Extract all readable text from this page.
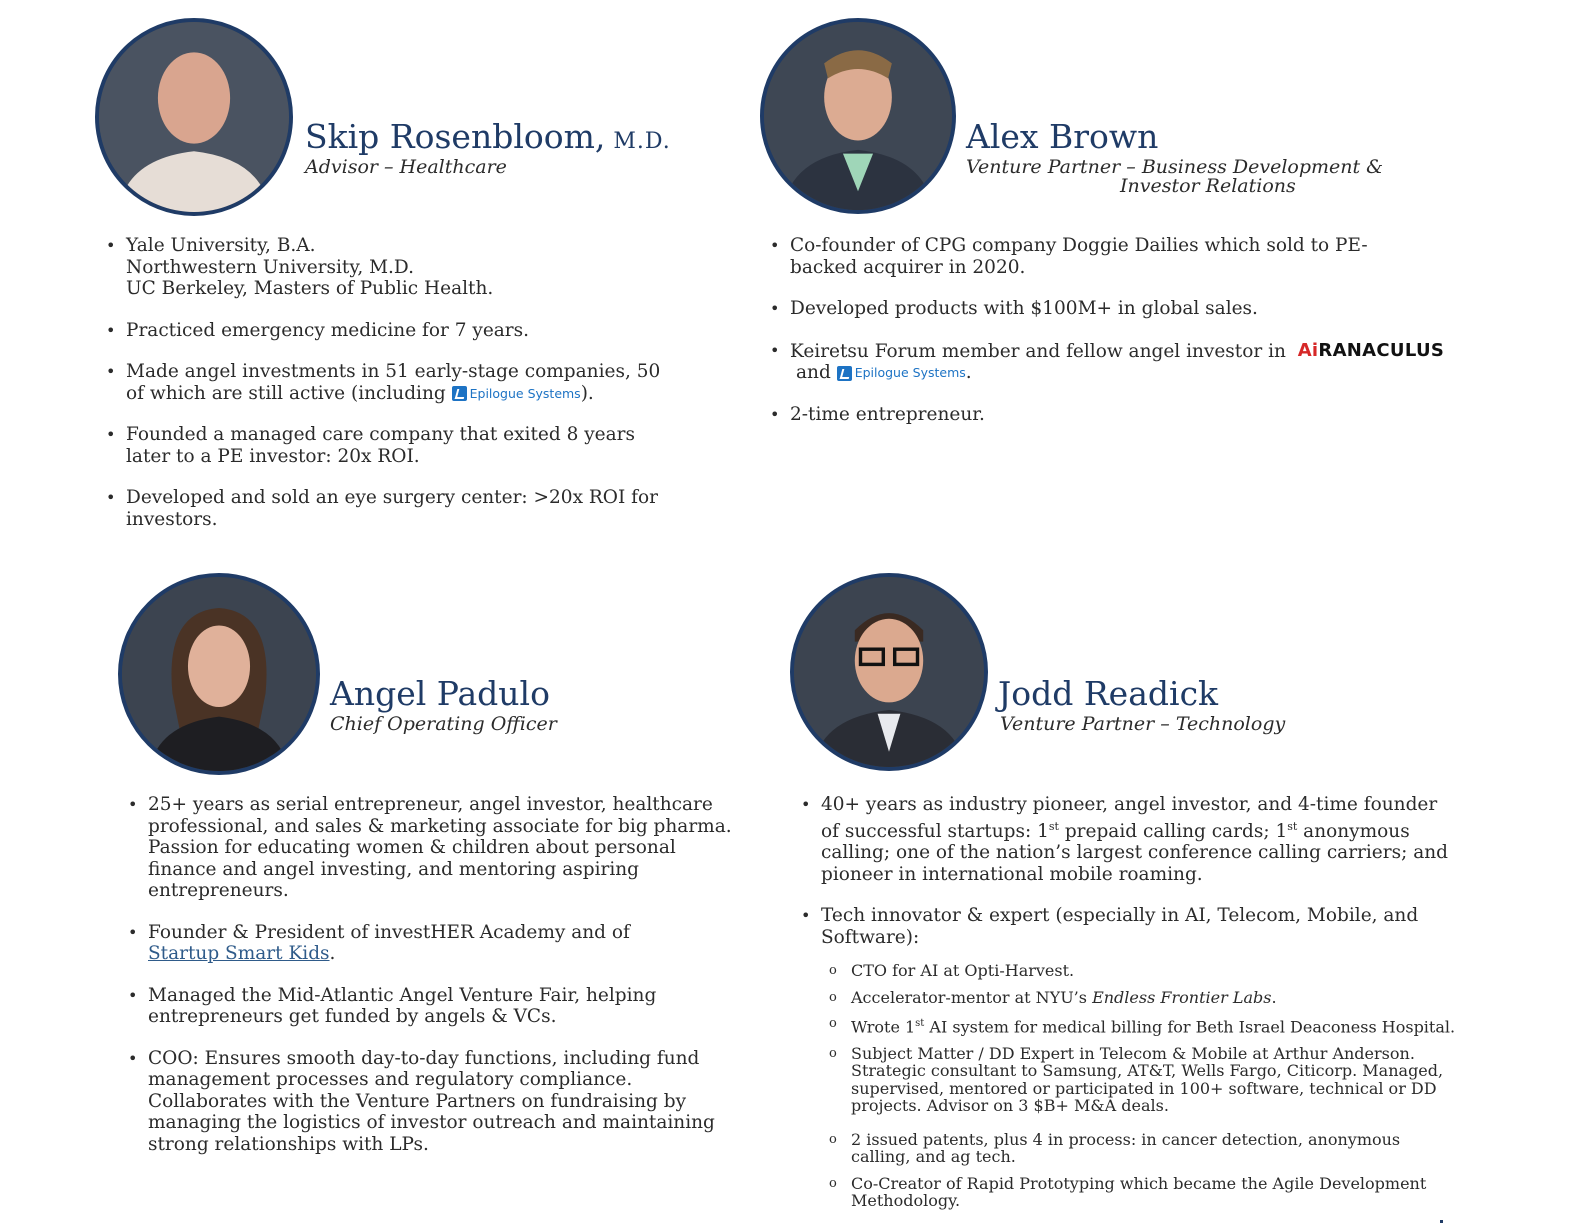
Skip Rosenbloom, M.D.

Advisor – Healthcare

• Yale University, B.A.
Northwestern University, M.D.
UC Berkeley, Masters of Public Health.
• Practiced emergency medicine for 7 years.
• Made angel investments in 51 early-stage companies, 50
of which are still active (including Epilogue Systems ).
• Founded a managed care company that exited 8 years
later to a PE investor: 20x ROI.
• Developed and sold an eye surgery center: >20x ROI for
investors.
Alex Brown

Venture Partner – Business Development &
Investor Relations

• Co-founder of CPG company Doggie Dailies which sold to PE-
backed acquirer in 2020.
• Developed products with $100M+ in global sales.
• Keiretsu Forum member and fellow angel investor in AiRANACULUS
and Epilogue Systems .
• 2-time entrepreneur.
Angel Padulo

Chief Operating Officer

• 25+ years as serial entrepreneur, angel investor, healthcare
professional, and sales & marketing associate for big pharma.
Passion for educating women & children about personal
finance and angel investing, and mentoring aspiring
entrepreneurs.
• Founder & President of investHER Academy and of
Startup Smart Kids.
• Managed the Mid-Atlantic Angel Venture Fair, helping
entrepreneurs get funded by angels & VCs.
• COO: Ensures smooth day-to-day functions, including fund
management processes and regulatory compliance.
Collaborates with the Venture Partners on fundraising by
managing the logistics of investor outreach and maintaining
strong relationships with LPs.
Jodd Readick

Venture Partner – Technology

• 40+ years as industry pioneer, angel investor, and 4-time founder
of successful startups: 1st prepaid calling cards; 1st anonymous
calling; one of the nation’s largest conference calling carriers; and
pioneer in international mobile roaming.
• Tech innovator & expert (especially in AI, Telecom, Mobile, and
Software):
o CTO for AI at Opti-Harvest.
o Accelerator-mentor at NYU’s Endless Frontier Labs.
o Wrote 1st AI system for medical billing for Beth Israel Deaconess Hospital.
o Subject Matter / DD Expert in Telecom & Mobile at Arthur Anderson.
Strategic consultant to Samsung, AT&T, Wells Fargo, Citicorp. Managed,
supervised, mentored or participated in 100+ software, technical or DD
projects. Advisor on 3 $B+ M&A deals.
o 2 issued patents, plus 4 in process: in cancer detection, anonymous
calling, and ag tech.
o Co-Creator of Rapid Prototyping which became the Agile Development
Methodology.
